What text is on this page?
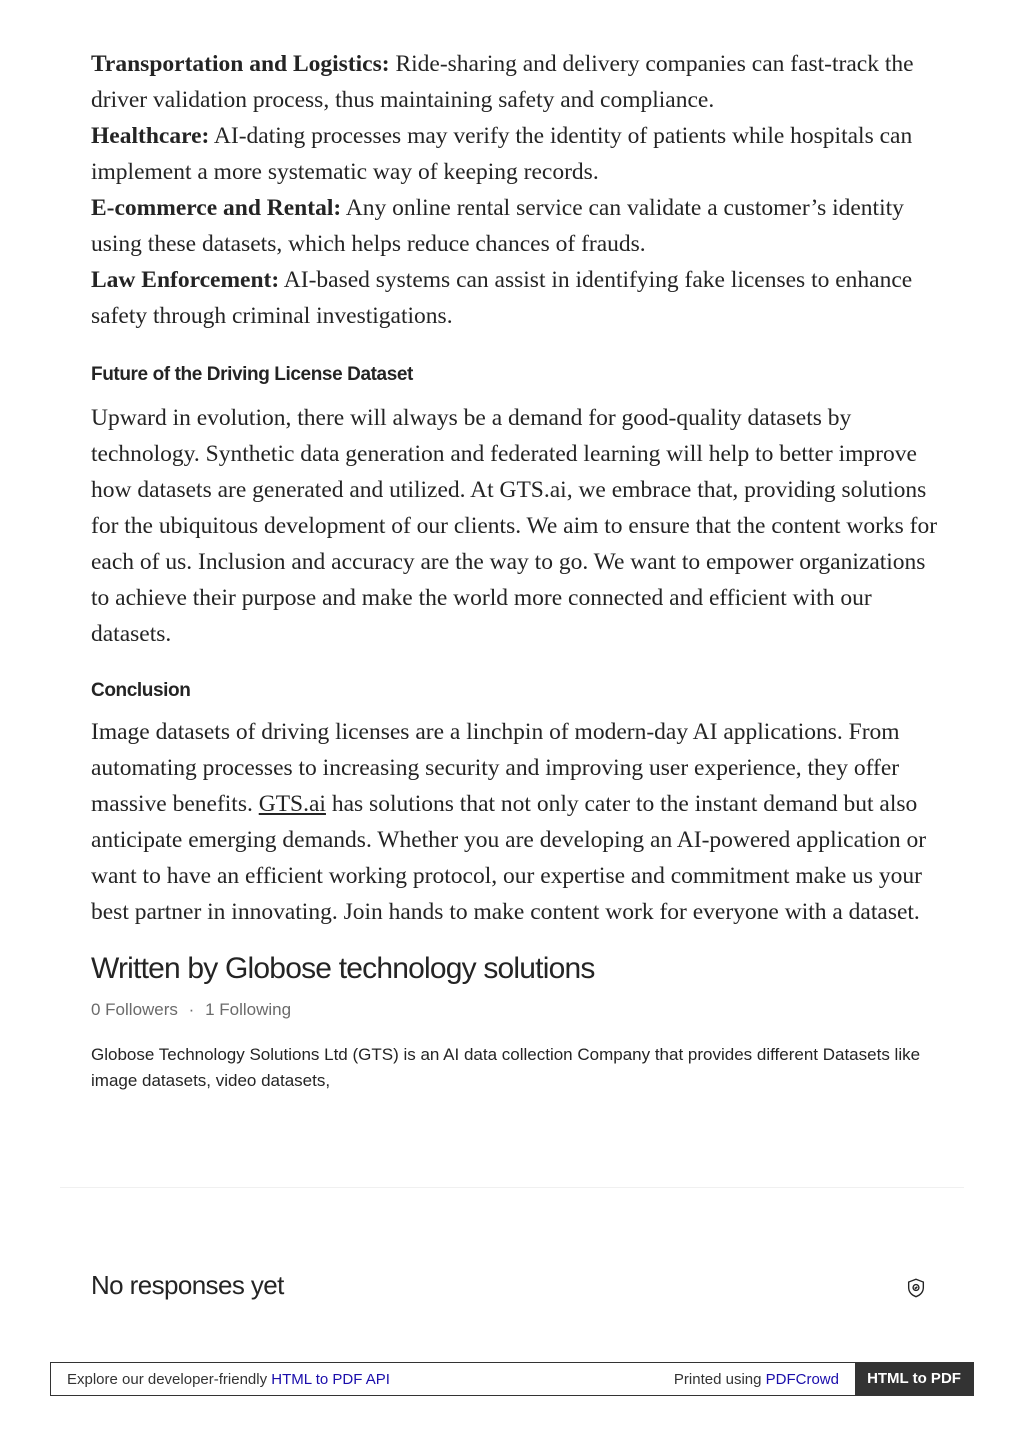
Transportation and Logistics: Ride-sharing and delivery companies can fast-track the driver validation process, thus maintaining safety and compliance.

Healthcare: AI-dating processes may verify the identity of patients while hospitals can implement a more systematic way of keeping records.

E-commerce and Rental: Any online rental service can validate a customer’s identity using these datasets, which helps reduce chances of frauds.

Law Enforcement: AI-based systems can assist in identifying fake licenses to enhance safety through criminal investigations.

Future of the Driving License Dataset

Upward in evolution, there will always be a demand for good-quality datasets by technology. Synthetic data generation and federated learning will help to better improve how datasets are generated and utilized. At GTS.ai, we embrace that, providing solutions for the ubiquitous development of our clients. We aim to ensure that the content works for each of us. Inclusion and accuracy are the way to go. We want to empower organizations to achieve their purpose and make the world more connected and efficient with our datasets.

Conclusion

Image datasets of driving licenses are a linchpin of modern-day AI applications. From automating processes to increasing security and improving user experience, they offer massive benefits. GTS.ai has solutions that not only cater to the instant demand but also anticipate emerging demands. Whether you are developing an AI-powered application or want to have an efficient working protocol, our expertise and commitment make us your best partner in innovating. Join hands to make content work for everyone with a dataset.

Written by Globose technology solutions
0 Followers · 1 Following
Globose Technology Solutions Ltd (GTS) is an AI data collection Company that provides different Datasets like image datasets, video datasets,
No responses yet
Explore our developer-friendly HTML to PDF API	Printed using PDFCrowd	HTML to PDF
